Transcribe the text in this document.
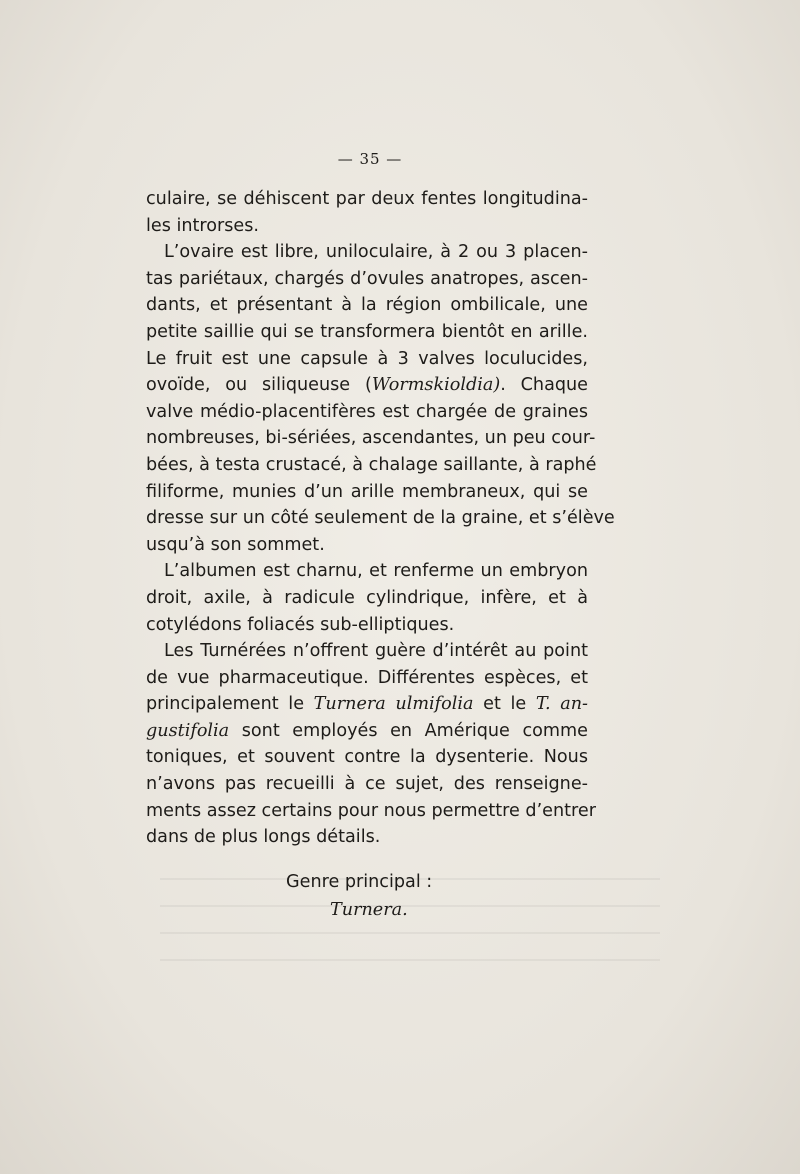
— 35 —
culaire, se déhiscent par deux fentes longitudina-
les introrses.
L’ovaire est libre, uniloculaire, à 2 ou 3 placen-
tas pariétaux, chargés d’ovules anatropes, ascen-
dants, et présentant à la région ombilicale, une
petite saillie qui se transformera bientôt en arille.
Le fruit est une capsule à 3 valves loculucides,
ovoïde, ou siliqueuse (Wormskioldia). Chaque
valve médio-placentifères est chargée de graines
nombreuses, bi-sériées, ascendantes, un peu cour-
bées, à testa crustacé, à chalage saillante, à raphé
filiforme, munies d’un arille membraneux, qui se
dresse sur un côté seulement de la graine, et s’élève
usqu’à son sommet.
L’albumen est charnu, et renferme un embryon
droit, axile, à radicule cylindrique, infère, et à
cotylédons foliacés sub-elliptiques.
Les Turnérées n’offrent guère d’intérêt au point
de vue pharmaceutique. Différentes espèces, et
principalement le Turnera ulmifolia et le T. an-
gustifolia sont employés en Amérique comme
toniques, et souvent contre la dysenterie. Nous
n’avons pas recueilli à ce sujet, des renseigne-
ments assez certains pour nous permettre d’entrer
dans de plus longs détails.
Genre principal :
Turnera.
